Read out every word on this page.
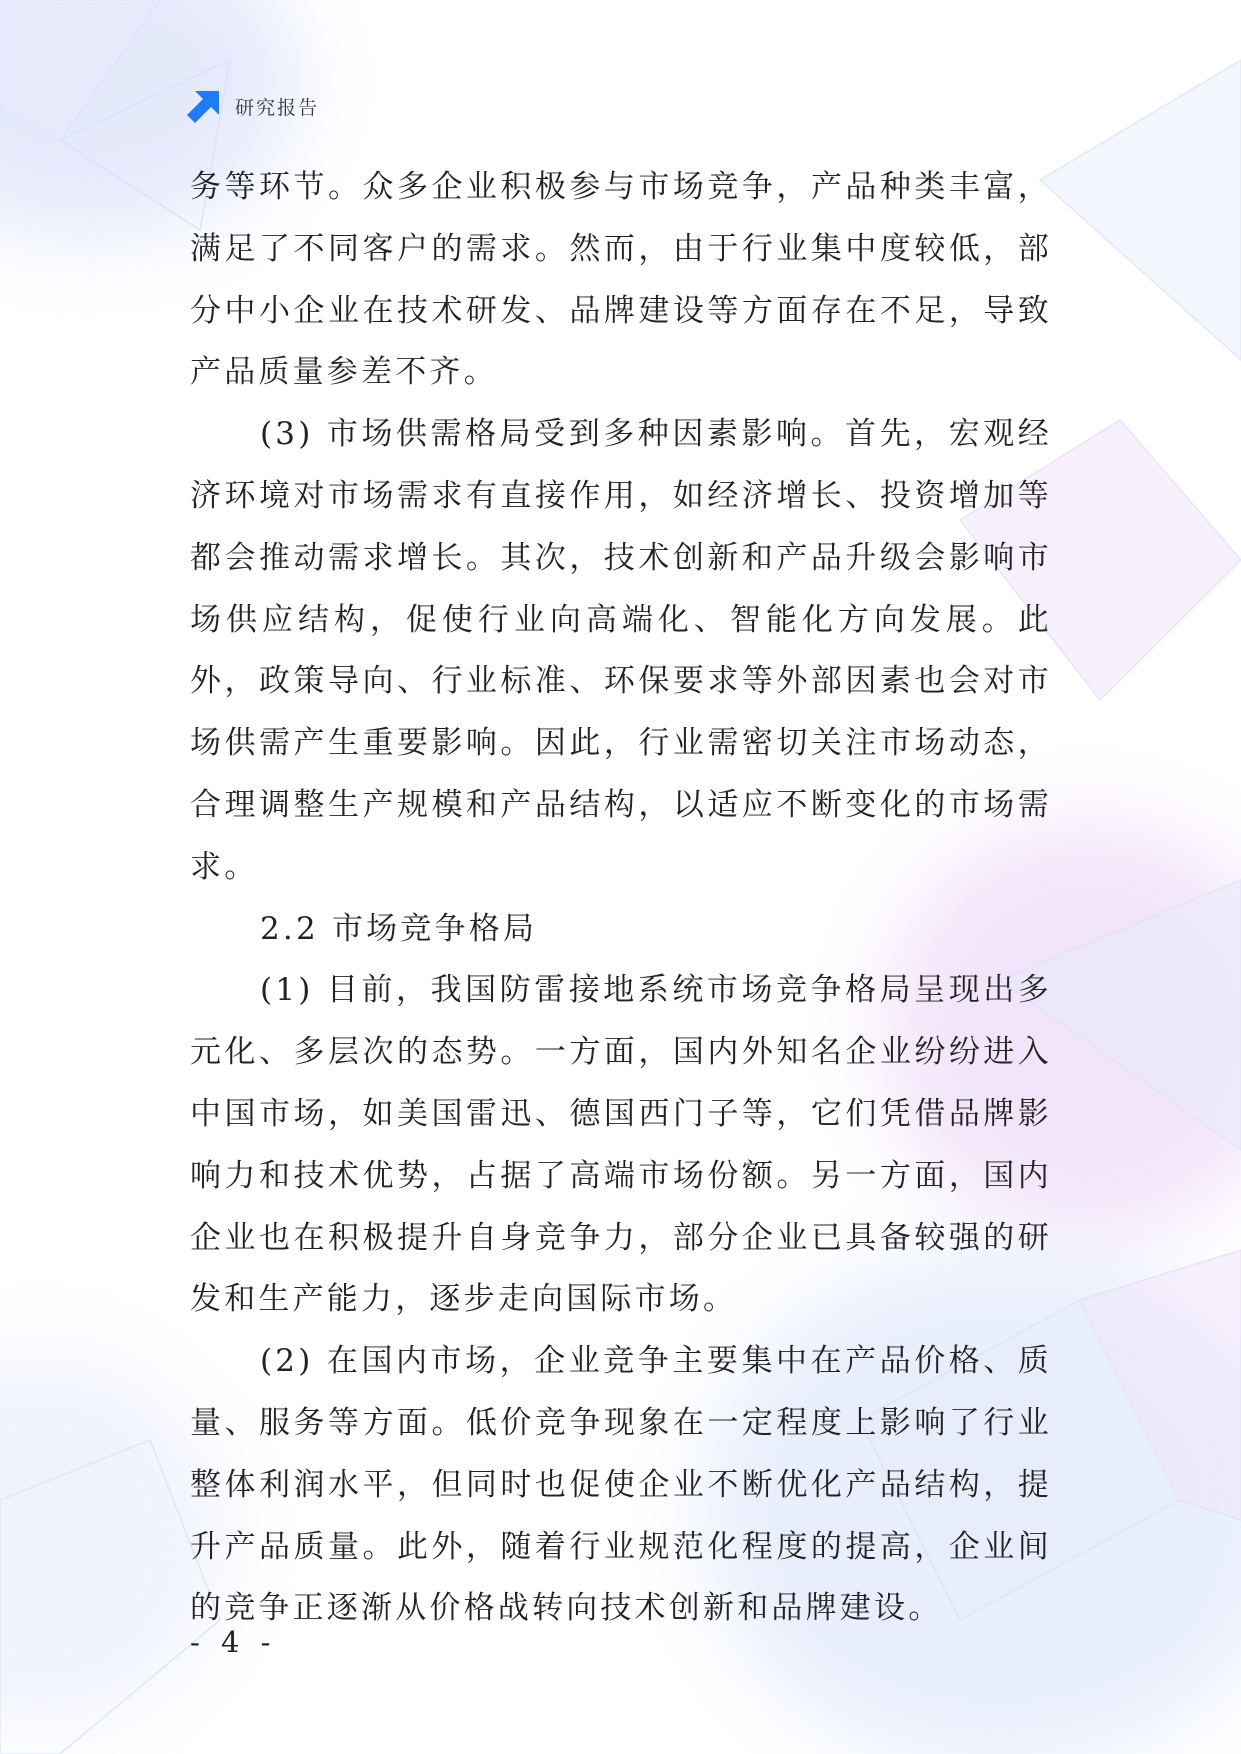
研究报告

务等环节。众多企业积极参与市场竞争，产品种类丰富，满足了不同客户的需求。然而，由于行业集中度较低，部分中小企业在技术研发、品牌建设等方面存在不足，导致产品质量参差不齐。

(3) 市场供需格局受到多种因素影响。首先，宏观经济环境对市场需求有直接作用，如经济增长、投资增加等都会推动需求增长。其次，技术创新和产品升级会影响市场供应结构，促使行业向高端化、智能化方向发展。此外，政策导向、行业标准、环保要求等外部因素也会对市场供需产生重要影响。因此，行业需密切关注市场动态，合理调整生产规模和产品结构，以适应不断变化的市场需求。

2.2 市场竞争格局

(1) 目前，我国防雷接地系统市场竞争格局呈现出多元化、多层次的态势。一方面，国内外知名企业纷纷进入中国市场，如美国雷迅、德国西门子等，它们凭借品牌影响力和技术优势，占据了高端市场份额。另一方面，国内企业也在积极提升自身竞争力，部分企业已具备较强的研发和生产能力，逐步走向国际市场。

(2) 在国内市场，企业竞争主要集中在产品价格、质量、服务等方面。低价竞争现象在一定程度上影响了行业整体利润水平，但同时也促使企业不断优化产品结构，提升产品质量。此外，随着行业规范化程度的提高，企业间的竞争正逐渐从价格战转向技术创新和品牌建设。

- 4 -
